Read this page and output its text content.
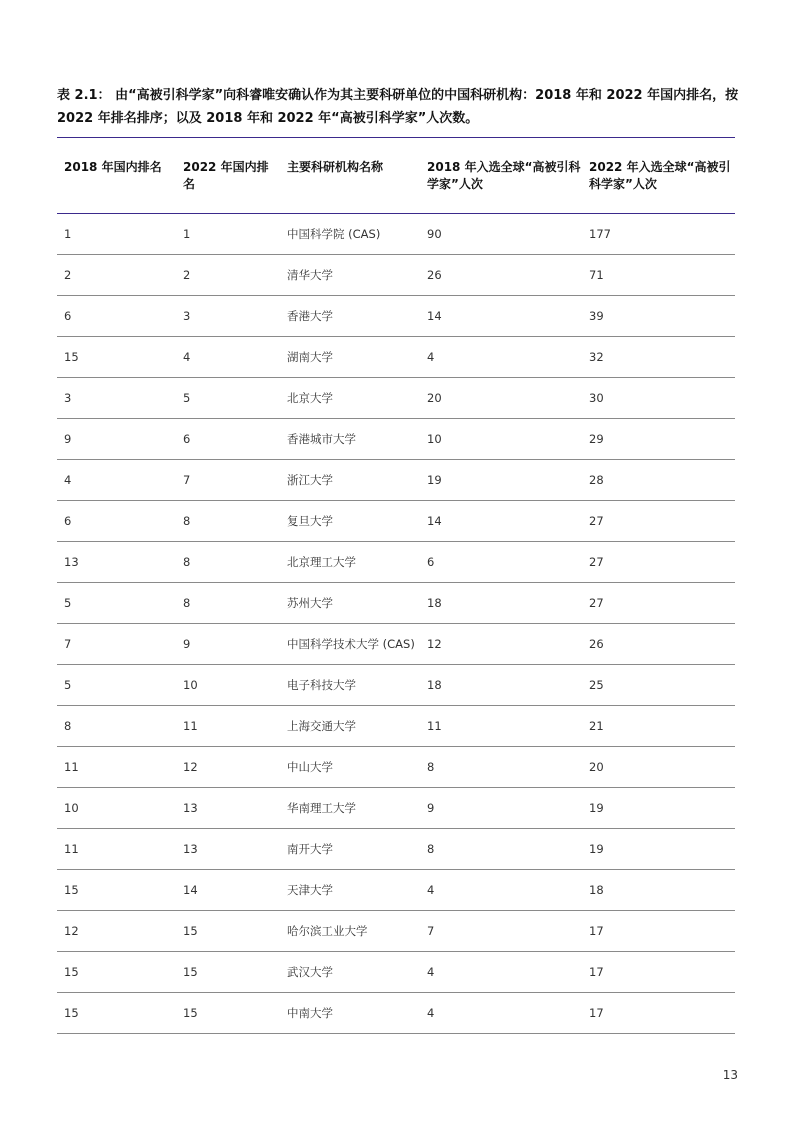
表 2.1： 由“高被引科学家”向科睿唯安确认作为其主要科研单位的中国科研机构：2018 年和 2022 年国内排名，按 2022 年排名排序；以及 2018 年和 2022 年“高被引科学家”人次数。
2018 年国内排名	2022 年国内排名	主要科研机构名称	2018 年入选全球“高被引科学家”人次	2022 年入选全球“高被引科学家”人次
1	1	中国科学院 (CAS)	90	177
2	2	清华大学	26	71
6	3	香港大学	14	39
15	4	湖南大学	4	32
3	5	北京大学	20	30
9	6	香港城市大学	10	29
4	7	浙江大学	19	28
6	8	复旦大学	14	27
13	8	北京理工大学	6	27
5	8	苏州大学	18	27
7	9	中国科学技术大学 (CAS)	12	26
5	10	电子科技大学	18	25
8	11	上海交通大学	11	21
11	12	中山大学	8	20
10	13	华南理工大学	9	19
11	13	南开大学	8	19
15	14	天津大学	4	18
12	15	哈尔滨工业大学	7	17
15	15	武汉大学	4	17
15	15	中南大学	4	17
13
